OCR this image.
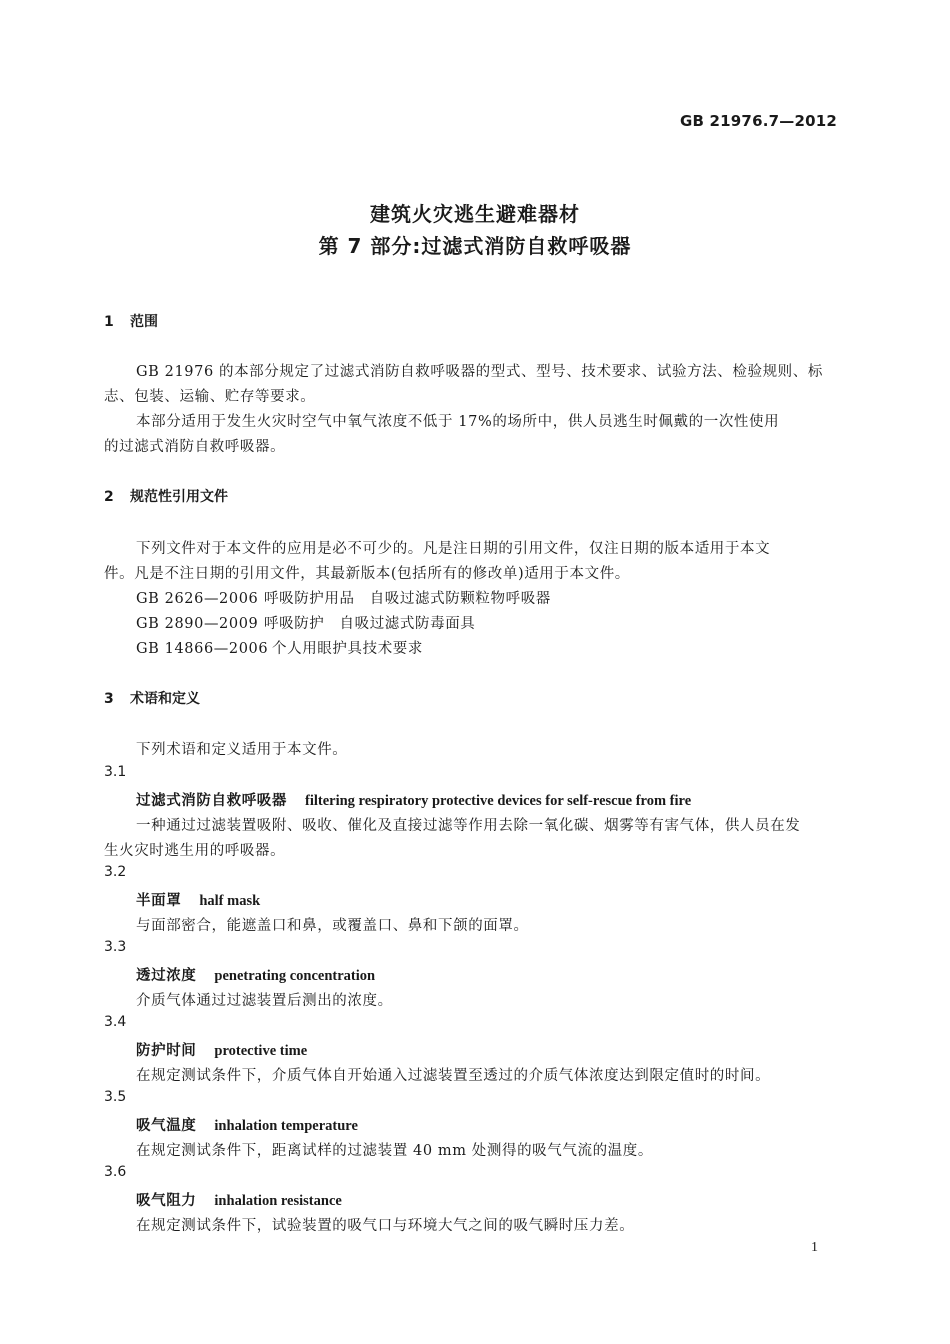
GB 21976.7—2012
建筑火灾逃生避难器材
第 7 部分:过滤式消防自救呼吸器
1 范围
GB 21976 的本部分规定了过滤式消防自救呼吸器的型式、型号、技术要求、试验方法、检验规则、标
志、包装、运输、贮存等要求。
本部分适用于发生火灾时空气中氧气浓度不低于 17%的场所中，供人员逃生时佩戴的一次性使用
的过滤式消防自救呼吸器。
2 规范性引用文件
下列文件对于本文件的应用是必不可少的。凡是注日期的引用文件，仅注日期的版本适用于本文
件。凡是不注日期的引用文件，其最新版本(包括所有的修改单)适用于本文件。
GB 2626—2006 呼吸防护用品　自吸过滤式防颗粒物呼吸器
GB 2890—2009 呼吸防护　自吸过滤式防毒面具
GB 14866—2006 个人用眼护具技术要求
3 术语和定义
下列术语和定义适用于本文件。
3.1
过滤式消防自救呼吸器 filtering respiratory protective devices for self-rescue from fire
一种通过过滤装置吸附、吸收、催化及直接过滤等作用去除一氧化碳、烟雾等有害气体，供人员在发
生火灾时逃生用的呼吸器。
3.2
半面罩 half mask
与面部密合，能遮盖口和鼻，或覆盖口、鼻和下颌的面罩。
3.3
透过浓度 penetrating concentration
介质气体通过过滤装置后测出的浓度。
3.4
防护时间 protective time
在规定测试条件下，介质气体自开始通入过滤装置至透过的介质气体浓度达到限定值时的时间。
3.5
吸气温度 inhalation temperature
在规定测试条件下，距离试样的过滤装置 40 mm 处测得的吸气气流的温度。
3.6
吸气阻力 inhalation resistance
在规定测试条件下，试验装置的吸气口与环境大气之间的吸气瞬时压力差。
1
